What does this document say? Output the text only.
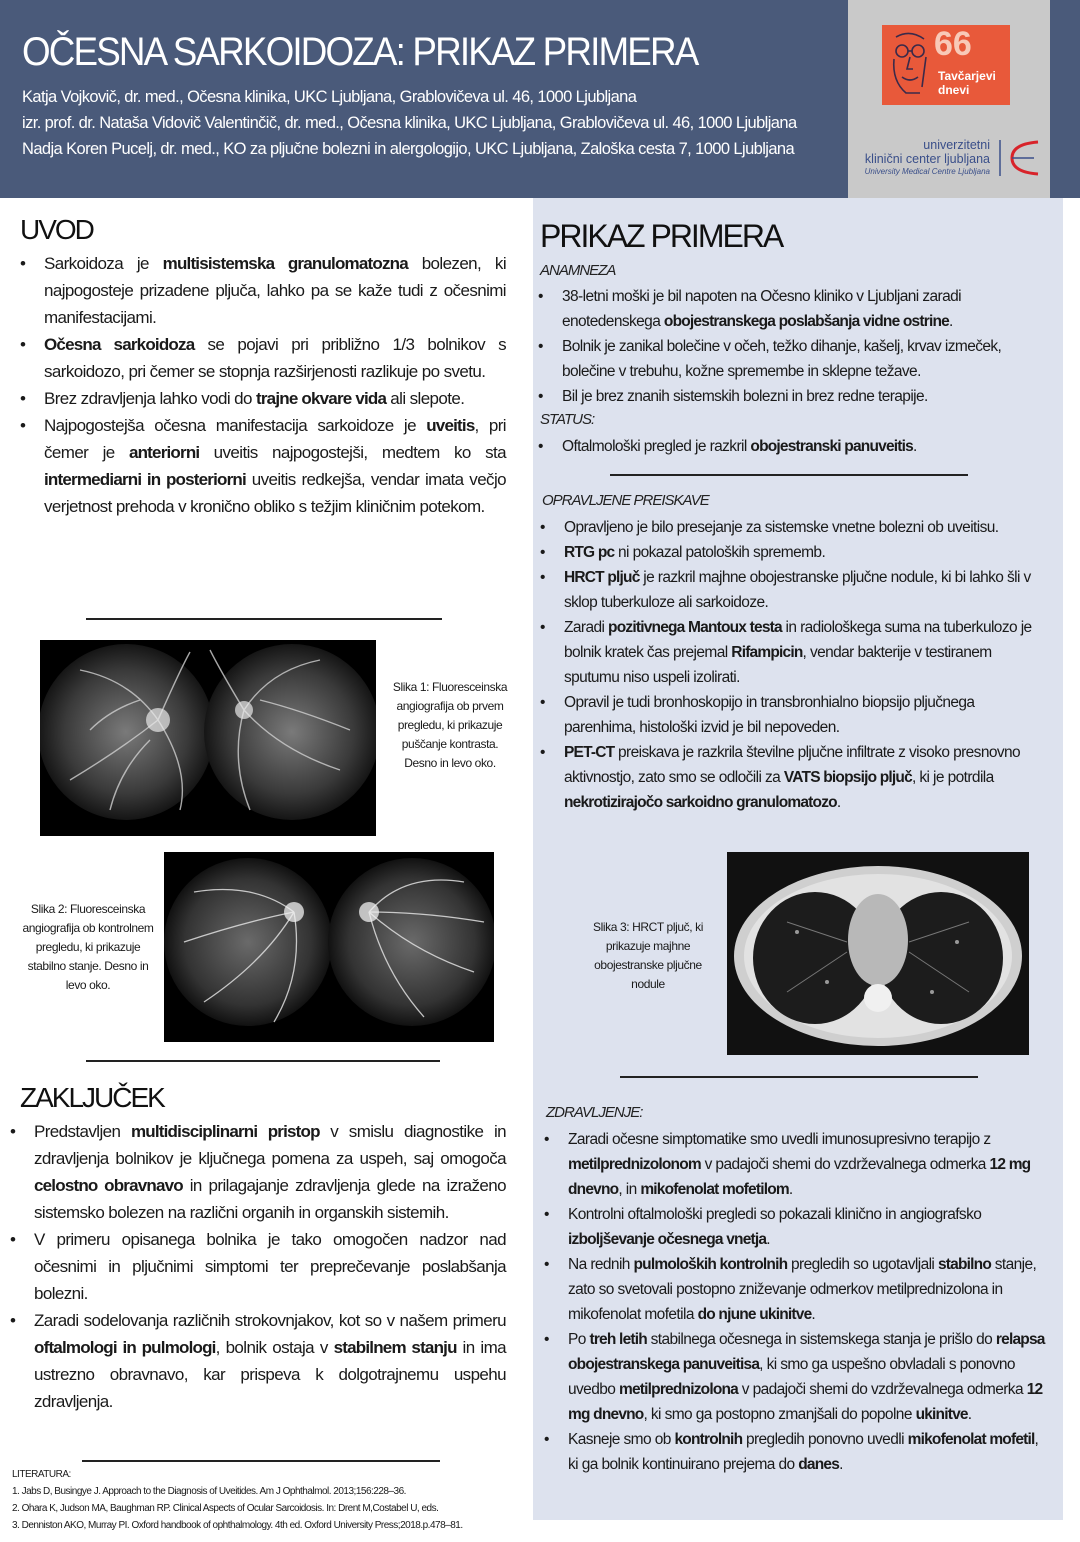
OČESNA SARKOIDOZA: PRIKAZ PRIMERA
Katja Vojkovič, dr. med., Očesna klinika, UKC Ljubljana, Grablovičeva ul. 46, 1000 Ljubljana
izr. prof. dr. Nataša Vidovič Valentinčič, dr. med., Očesna klinika, UKC Ljubljana, Grablovičeva ul. 46, 1000 Ljubljana
Nadja Koren Pucelj, dr. med., KO za pljučne bolezni in alergologijo, UKC Ljubljana, Zaloška cesta 7, 1000 Ljubljana
66
Tavčarjevi
dnevi
univerzitetni
klinični center ljubljana
University Medical Centre Ljubljana
UVOD
• Sarkoidoza je multisistemska granulomatozna bolezen, ki najpogosteje prizadene pljuča, lahko pa se kaže tudi z očesnimi manifestacijami.
• Očesna sarkoidoza se pojavi pri približno 1/3 bolnikov s sarkoidozo, pri čemer se stopnja razširjenosti razlikuje po svetu.
• Brez zdravljenja lahko vodi do trajne okvare vida ali slepote.
• Najpogostejša očesna manifestacija sarkoidoze je uveitis, pri čemer je anteriorni uveitis najpogostejši, medtem ko sta intermediarni in posteriorni uveitis redkejša, vendar imata večjo verjetnost prehoda v kronično obliko s težjim kliničnim potekom.
Slika 1: Fluoresceinska angiografija ob prvem pregledu, ki prikazuje puščanje kontrasta. Desno in levo oko.
Slika 2: Fluoresceinska angiografija ob kontrolnem pregledu, ki prikazuje stabilno stanje. Desno in levo oko.
ZAKLJUČEK
• Predstavljen multidisciplinarni pristop v smislu diagnostike in zdravljenja bolnikov je ključnega pomena za uspeh, saj omogoča celostno obravnavo in prilagajanje zdravljenja glede na izraženo sistemsko bolezen na različni organih in organskih sistemih.
• V primeru opisanega bolnika je tako omogočen nadzor nad očesnimi in pljučnimi simptomi ter preprečevanje poslabšanja bolezni.
• Zaradi sodelovanja različnih strokovnjakov, kot so v našem primeru oftalmologi in pulmologi, bolnik ostaja v stabilnem stanju in ima ustrezno obravnavo, kar prispeva k dolgotrajnemu uspehu zdravljenja.
LITERATURA:
1. Jabs D, Busingye J. Approach to the Diagnosis of Uveitides. Am J Ophthalmol. 2013;156:228–36.
2. Ohara K, Judson MA, Baughman RP. Clinical Aspects of Ocular Sarcoidosis. In: Drent M,Costabel U, eds.
3. Denniston AKO, Murray PI. Oxford handbook of ophthalmology. 4th ed. Oxford University Press;2018.p.478–81.
PRIKAZ PRIMERA
ANAMNEZA
• 38-letni moški je bil napoten na Očesno kliniko v Ljubljani zaradi enotedenskega obojestranskega poslabšanja vidne ostrine.
• Bolnik je zanikal bolečine v očeh, težko dihanje, kašelj, krvav izmeček, bolečine v trebuhu, kožne spremembe in sklepne težave.
• Bil je brez znanih sistemskih bolezni in brez redne terapije.
STATUS:
• Oftalmološki pregled je razkril obojestranski panuveitis.
OPRAVLJENE PREISKAVE
• Opravljeno je bilo presejanje za sistemske vnetne bolezni ob uveitisu.
• RTG pc ni pokazal patoloških sprememb.
• HRCT pljuč je razkril majhne obojestranske pljučne nodule, ki bi lahko šli v sklop tuberkuloze ali sarkoidoze.
• Zaradi pozitivnega Mantoux testa in radiološkega suma na tuberkulozo je bolnik kratek čas prejemal Rifampicin, vendar bakterije v testiranem sputumu niso uspeli izolirati.
• Opravil je tudi bronhoskopijo in transbronhialno biopsijo pljučnega parenhima, histološki izvid je bil nepoveden.
• PET-CT preiskava je razkrila številne pljučne infiltrate z visoko presnovno aktivnostjo, zato smo se odločili za VATS biopsijo pljuč, ki je potrdila nekrotizirajočo sarkoidno granulomatozo.
Slika 3: HRCT pljuč, ki prikazuje majhne obojestranske pljučne nodule
ZDRAVLJENJE:
• Zaradi očesne simptomatike smo uvedli imunosupresivno terapijo z metilprednizolonom v padajoči shemi do vzdrževalnega odmerka 12 mg dnevno, in mikofenolat mofetilom.
• Kontrolni oftalmološki pregledi so pokazali klinično in angiografsko izboljševanje očesnega vnetja.
• Na rednih pulmoloških kontrolnih pregledih so ugotavljali stabilno stanje, zato so svetovali postopno zniževanje odmerkov metilprednizolona in mikofenolat mofetila do njune ukinitve.
• Po treh letih stabilnega očesnega in sistemskega stanja je prišlo do relapsa obojestranskega panuveitisa, ki smo ga uspešno obvladali s ponovno uvedbo metilprednizolona v padajoči shemi do vzdrževalnega odmerka 12 mg dnevno, ki smo ga postopno zmanjšali do popolne ukinitve.
• Kasneje smo ob kontrolnih pregledih ponovno uvedli mikofenolat mofetil, ki ga bolnik kontinuirano prejema do danes.
